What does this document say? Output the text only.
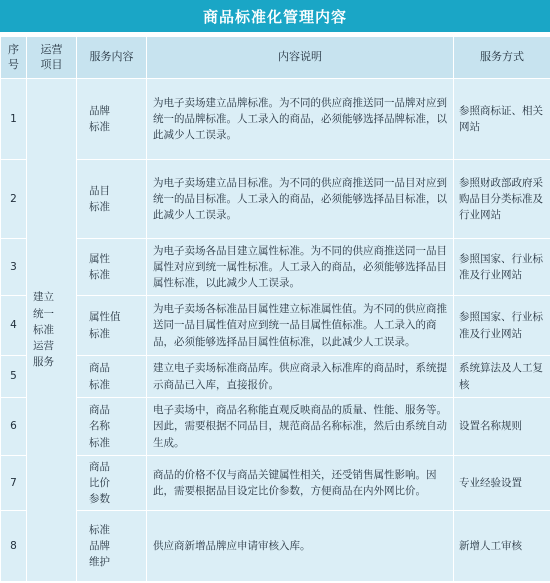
商品标准化管理内容
序号	运营项目	服务内容	内容说明	服务方式
1	建立统一标准运营服务	品牌标准	为电子卖场建立品牌标准。为不同的供应商推送同一品牌对应到统一的品牌标准。人工录入的商品，必须能够选择品牌标准，以此减少人工误录。	参照商标证、相关网站
2		品目标准	为电子卖场建立品目标准。为不同的供应商推送同一品目对应到统一的品目标准。人工录入的商品，必须能够选择品目标准，以此减少人工误录。	参照财政部政府采购品目分类标准及行业网站
3		属性标准	为电子卖场各品目建立属性标准。为不同的供应商推送同一品目属性对应到统一属性标准。人工录入的商品，必须能够选择品目属性标准，以此减少人工误录。	参照国家、行业标准及行业网站
4		属性值标准	为电子卖场各标准品目属性建立标准属性值。为不同的供应商推送同一品目属性值对应到统一品目属性值标准。人工录入的商品，必须能够选择品目属性值标准，以此减少人工误录。	参照国家、行业标准及行业网站
5		商品标准	建立电子卖场标准商品库。供应商录入标准库的商品时，系统提示商品已入库，直接报价。	系统算法及人工复核
6		商品名称标准	电子卖场中，商品名称能直观反映商品的质量、性能、服务等。因此，需要根据不同品目，规范商品名称标准，然后由系统自动生成。	设置名称规则
7		商品比价参数	商品的价格不仅与商品关键属性相关，还受销售属性影响。因此，需要根据品目设定比价参数，方便商品在内外网比价。	专业经验设置
8		标准品牌维护	供应商新增品牌应申请审核入库。	新增人工审核
